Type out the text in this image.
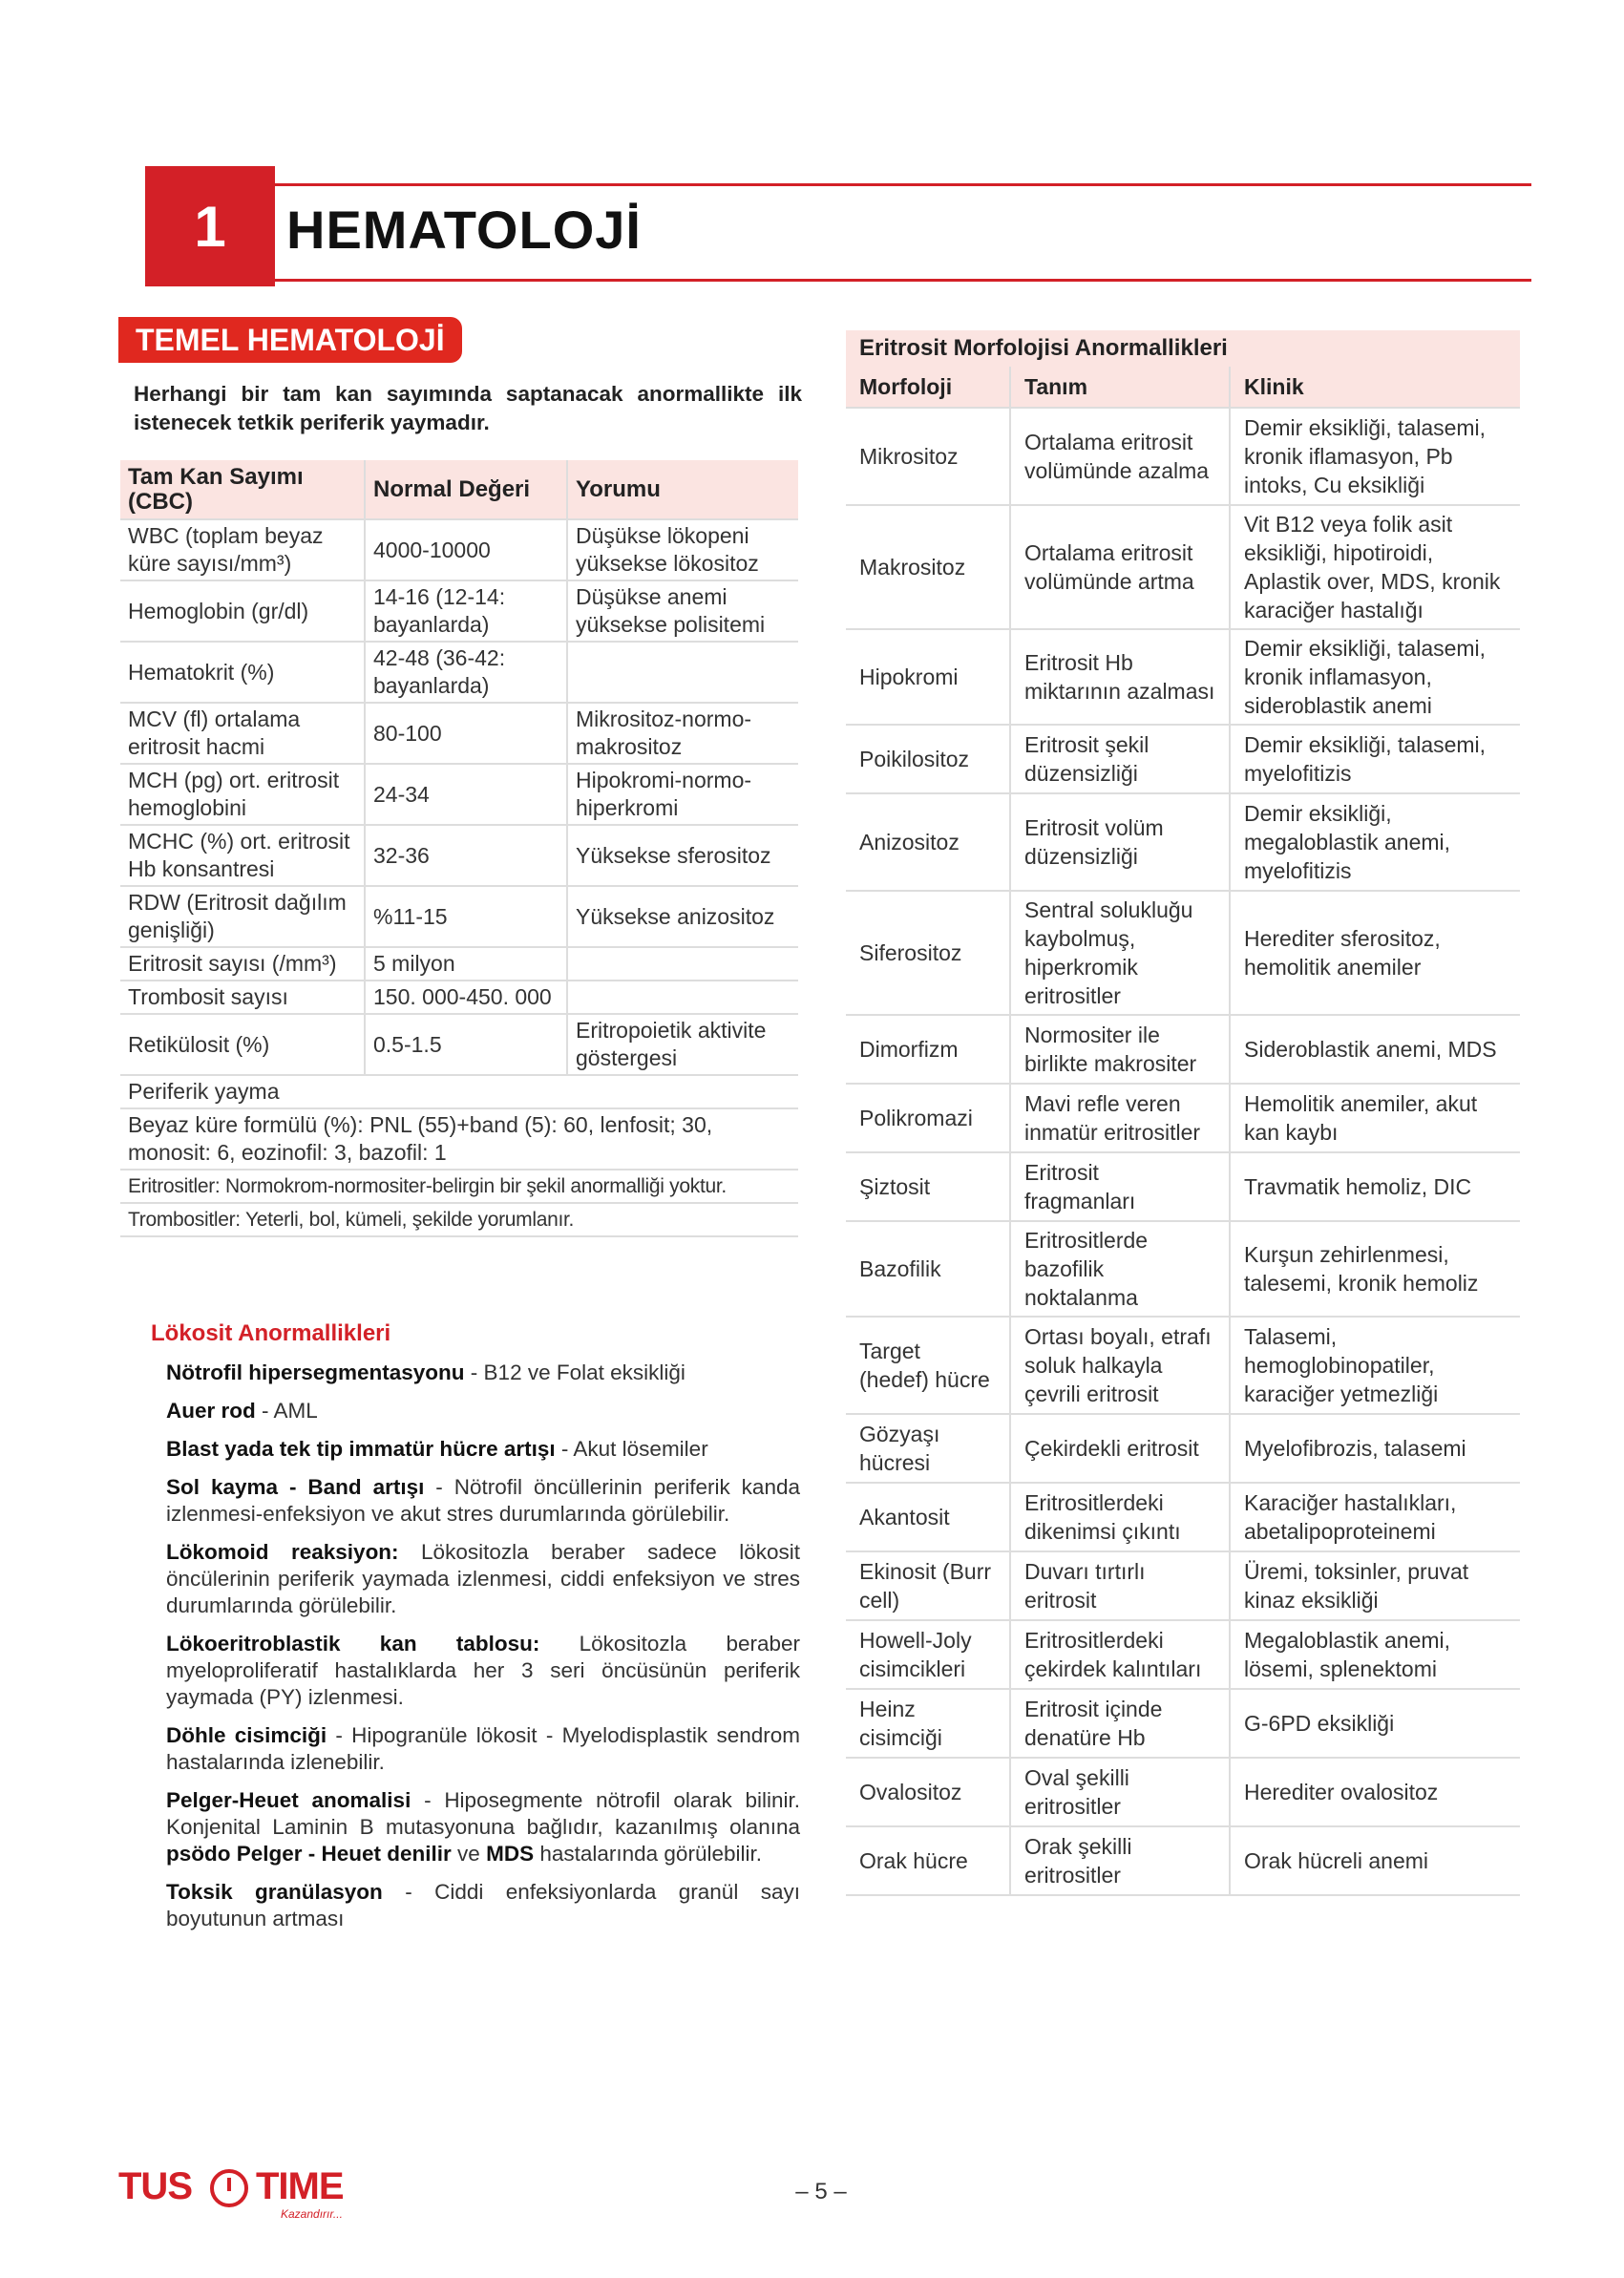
1	HEMATOLOJİ
TEMEL HEMATOLOJİ
Herhangi bir tam kan sayımında saptanacak anormallikte ilk istenecek tetkik periferik yaymadır.
Tam Kan Sayımı (CBC)	Normal Değeri	Yorumu
WBC (toplam beyaz küre sayısı/mm³)	4000-10000	Düşükse lökopeni yüksekse lökositoz
Hemoglobin (gr/dl)	14-16 (12-14: bayanlarda)	Düşükse anemi yüksekse polisitemi
Hematokrit (%)	42-48 (36-42: bayanlarda)	
MCV (fl) ortalama eritrosit hacmi	80-100	Mikrositoz-normo-makrositoz
MCH (pg) ort. eritrosit hemoglobini	24-34	Hipokromi-normo-hiperkromi
MCHC (%) ort. eritrosit Hb konsantresi	32-36	Yüksekse sferositoz
RDW (Eritrosit dağılım genişliği)	%11-15	Yüksekse anizositoz
Eritrosit sayısı (/mm³)	5 milyon	
Trombosit sayısı	150. 000-450. 000	
Retikülosit (%)	0.5-1.5	Eritropoietik aktivite göstergesi
Periferik yayma		
Beyaz küre formülü (%): PNL (55)+band (5): 60, lenfosit; 30, monosit: 6, eozinofil: 3, bazofil: 1		
Eritrositler: Normokrom-normositer-belirgin bir şekil anormalliği yoktur.		
Trombositler: Yeterli, bol, kümeli, şekilde yorumlanır.		
Lökosit Anormallikleri

Nötrofil hipersegmentasyonu - B12 ve Folat eksikliği

Auer rod - AML

Blast yada tek tip immatür hücre artışı - Akut lösemiler

Sol kayma - Band artışı - Nötrofil öncüllerinin periferik kanda izlenmesi-enfeksiyon ve akut stres durumlarında görülebilir.

Lökomoid reaksiyon: Lökositozla beraber sadece lökosit öncülerinin periferik yaymada izlenmesi, ciddi enfeksiyon ve stres durumlarında görülebilir.

Lökoeritroblastik kan tablosu: Lökositozla beraber myeloproliferatif hastalıklarda her 3 seri öncüsünün periferik yaymada (PY) izlenmesi.

Döhle cisimciği - Hipogranüle lökosit - Myelodisplastik sendrom hastalarında izlenebilir.

Pelger-Heuet anomalisi - Hiposegmente nötrofil olarak bilinir. Konjenital Laminin B mutasyonuna bağlıdır, kazanılmış olanına psödo Pelger - Heuet denilir ve MDS hastalarında görülebilir.

Toksik granülasyon - Ciddi enfeksiyonlarda granül sayı boyutunun artması

Eritrosit Morfolojisi Anormallikleri
Morfoloji	Tanım	Klinik
Mikrositoz	Ortalama eritrosit volümünde azalma	Demir eksikliği, talasemi, kronik iflamasyon, Pb intoks, Cu eksikliği
Makrositoz	Ortalama eritrosit volümünde artma	Vit B12 veya folik asit eksikliği, hipotiroidi, Aplastik over, MDS, kronik karaciğer hastalığı
Hipokromi	Eritrosit Hb miktarının azalması	Demir eksikliği, talasemi, kronik inflamasyon, sideroblastik anemi
Poikilositoz	Eritrosit şekil düzensizliği	Demir eksikliği, talasemi, myelofitizis
Anizositoz	Eritrosit volüm düzensizliği	Demir eksikliği, megaloblastik anemi, myelofitizis
Siferositoz	Sentral solukluğu kaybolmuş, hiperkromik eritrositler	Herediter sferositoz, hemolitik anemiler
Dimorfizm	Normositer ile birlikte makrositer	Sideroblastik anemi, MDS
Polikromazi	Mavi refle veren inmatür eritrositler	Hemolitik anemiler, akut kan kaybı
Şiztosit	Eritrosit fragmanları	Travmatik hemoliz, DIC
Bazofilik	Eritrositlerde bazofilik noktalanma	Kurşun zehirlenmesi, talesemi, kronik hemoliz
Target (hedef) hücre	Ortası boyalı, etrafı soluk halkayla çevrili eritrosit	Talasemi, hemoglobinopatiler, karaciğer yetmezliği
Gözyaşı hücresi	Çekirdekli eritrosit	Myelofibrozis, talasemi
Akantosit	Eritrositlerdeki dikenimsi çıkıntı	Karaciğer hastalıkları, abetalipoproteinemi
Ekinosit (Burr cell)	Duvarı tırtırlı eritrosit	Üremi, toksinler, pruvat kinaz eksikliği
Howell-Joly cisimcikleri	Eritrositlerdeki çekirdek kalıntıları	Megaloblastik anemi, lösemi, splenektomi
Heinz cisimciği	Eritrosit içinde denatüre Hb	G-6PD eksikliği
Ovalositoz	Oval şekilli eritrositler	Herediter ovalositoz
Orak hücre	Orak şekilli eritrositler	Orak hücreli anemi
TUS TIME
Kazandırır...
– 5 –
